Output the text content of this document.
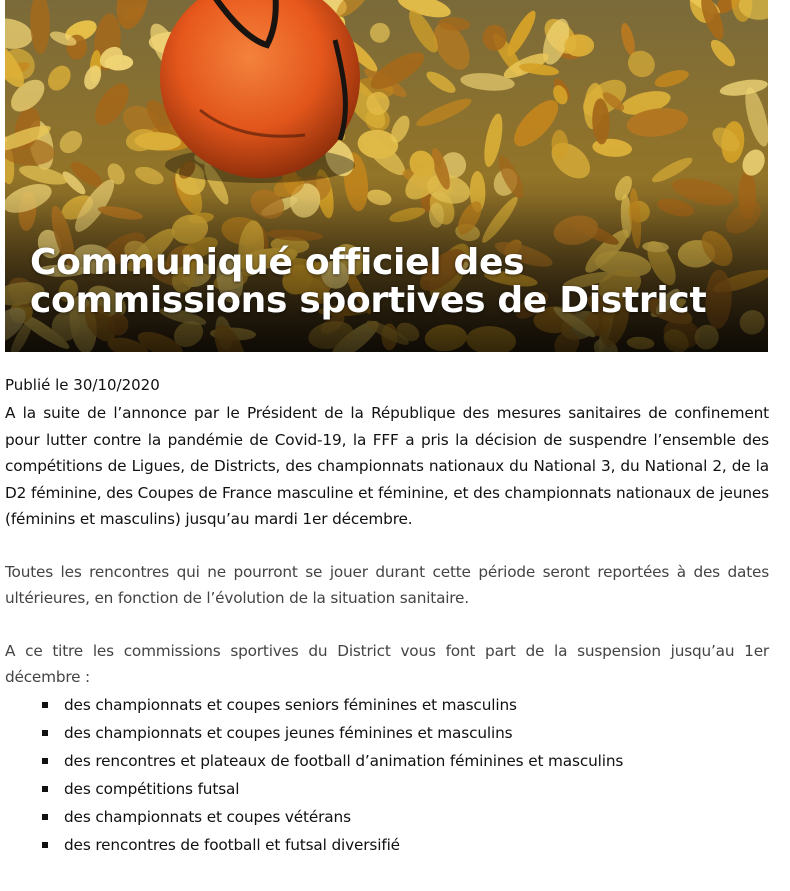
Communiqué officiel des
commissions sportives de District

Publié le 30/10/2020

A la suite de l’annonce par le Président de la République des mesures sanitaires de confinement pour lutter contre la pandémie de Covid-19, la FFF a pris la décision de suspendre l’ensemble des compétitions de Ligues, de Districts, des championnats nationaux du National 3, du National 2, de la D2 féminine, des Coupes de France masculine et féminine, et des championnats nationaux de jeunes (féminins et masculins) jusqu’au mardi 1er décembre.

Toutes les rencontres qui ne pourront se jouer durant cette période seront reportées à des dates ultérieures, en fonction de l’évolution de la situation sanitaire.

A ce titre les commissions sportives du District vous font part de la suspension jusqu’au 1er décembre :

des championnats et coupes seniors féminines et masculins
des championnats et coupes jeunes féminines et masculins
des rencontres et plateaux de football d’animation féminines et masculins
des compétitions futsal
des championnats et coupes vétérans
des rencontres de football et futsal diversifié
